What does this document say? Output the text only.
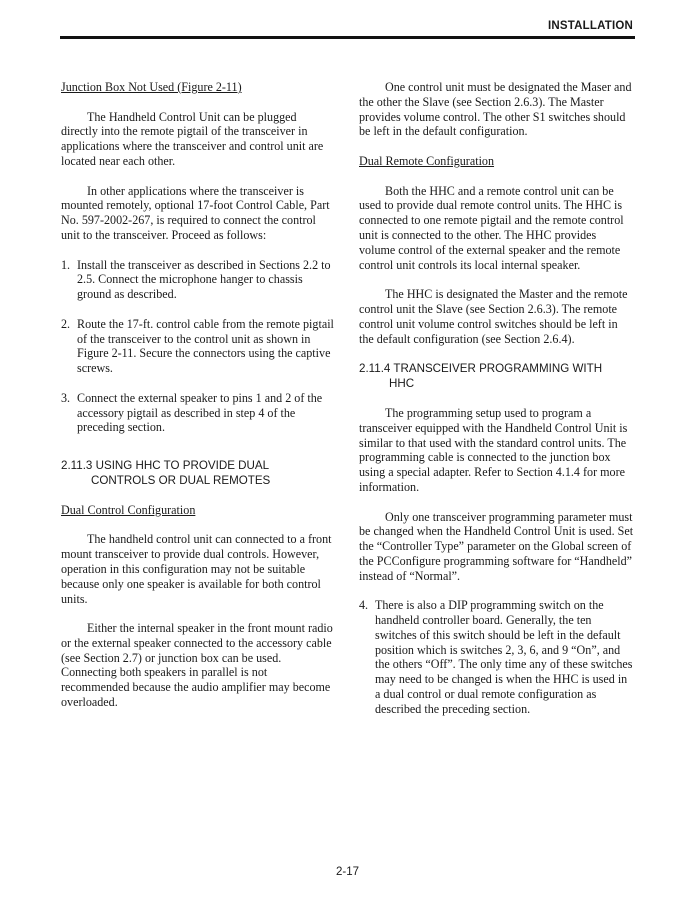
INSTALLATION

Junction Box Not Used (Figure 2-11)

The Handheld Control Unit can be plugged directly into the remote pigtail of the transceiver in applications where the transceiver and control unit are located near each other.

In other applications where the transceiver is mounted remotely, optional 17-foot Control Cable, Part No. 597-2002-267, is required to connect the control unit to the transceiver. Proceed as follows:

1. Install the transceiver as described in Sections 2.2 to 2.5. Connect the microphone hanger to chassis ground as described.
2. Route the 17-ft. control cable from the remote pigtail of the transceiver to the control unit as shown in Figure 2-11. Secure the connectors using the captive screws.
3. Connect the external speaker to pins 1 and 2 of the accessory pigtail as described in step 4 of the preceding section.
2.11.3 USING HHC TO PROVIDE DUAL
CONTROLS OR DUAL REMOTES

Dual Control Configuration

The handheld control unit can connected to a front mount transceiver to provide dual controls. However, operation in this configuration may not be suitable because only one speaker is available for both control units.

Either the internal speaker in the front mount radio or the external speaker connected to the accessory cable (see Section 2.7) or junction box can be used. Connecting both speakers in parallel is not recommended because the audio amplifier may become overloaded.

One control unit must be designated the Maser and the other the Slave (see Section 2.6.3). The Master provides volume control. The other S1 switches should be left in the default configuration.

Dual Remote Configuration

Both the HHC and a remote control unit can be used to provide dual remote control units. The HHC is connected to one remote pigtail and the remote control unit is connected to the other. The HHC provides volume control of the external speaker and the remote control unit controls its local internal speaker.

The HHC is designated the Master and the remote control unit the Slave (see Section 2.6.3). The remote control unit volume control switches should be left in the default configuration (see Section 2.6.4).

2.11.4 TRANSCEIVER PROGRAMMING WITH
HHC

The programming setup used to program a transceiver equipped with the Handheld Control Unit is similar to that used with the standard control units. The programming cable is connected to the junction box using a special adapter. Refer to Section 4.1.4 for more information.

Only one transceiver programming parameter must be changed when the Handheld Control Unit is used. Set the “Controller Type” parameter on the Global screen of the PCConfigure programming software for “Handheld” instead of “Normal”.

4. There is also a DIP programming switch on the handheld controller board. Generally, the ten switches of this switch should be left in the default position which is switches 2, 3, 6, and 9 “On”, and the others “Off”. The only time any of these switches may need to be changed is when the HHC is used in a dual control or dual remote configuration as described the preceding section.
2-17
